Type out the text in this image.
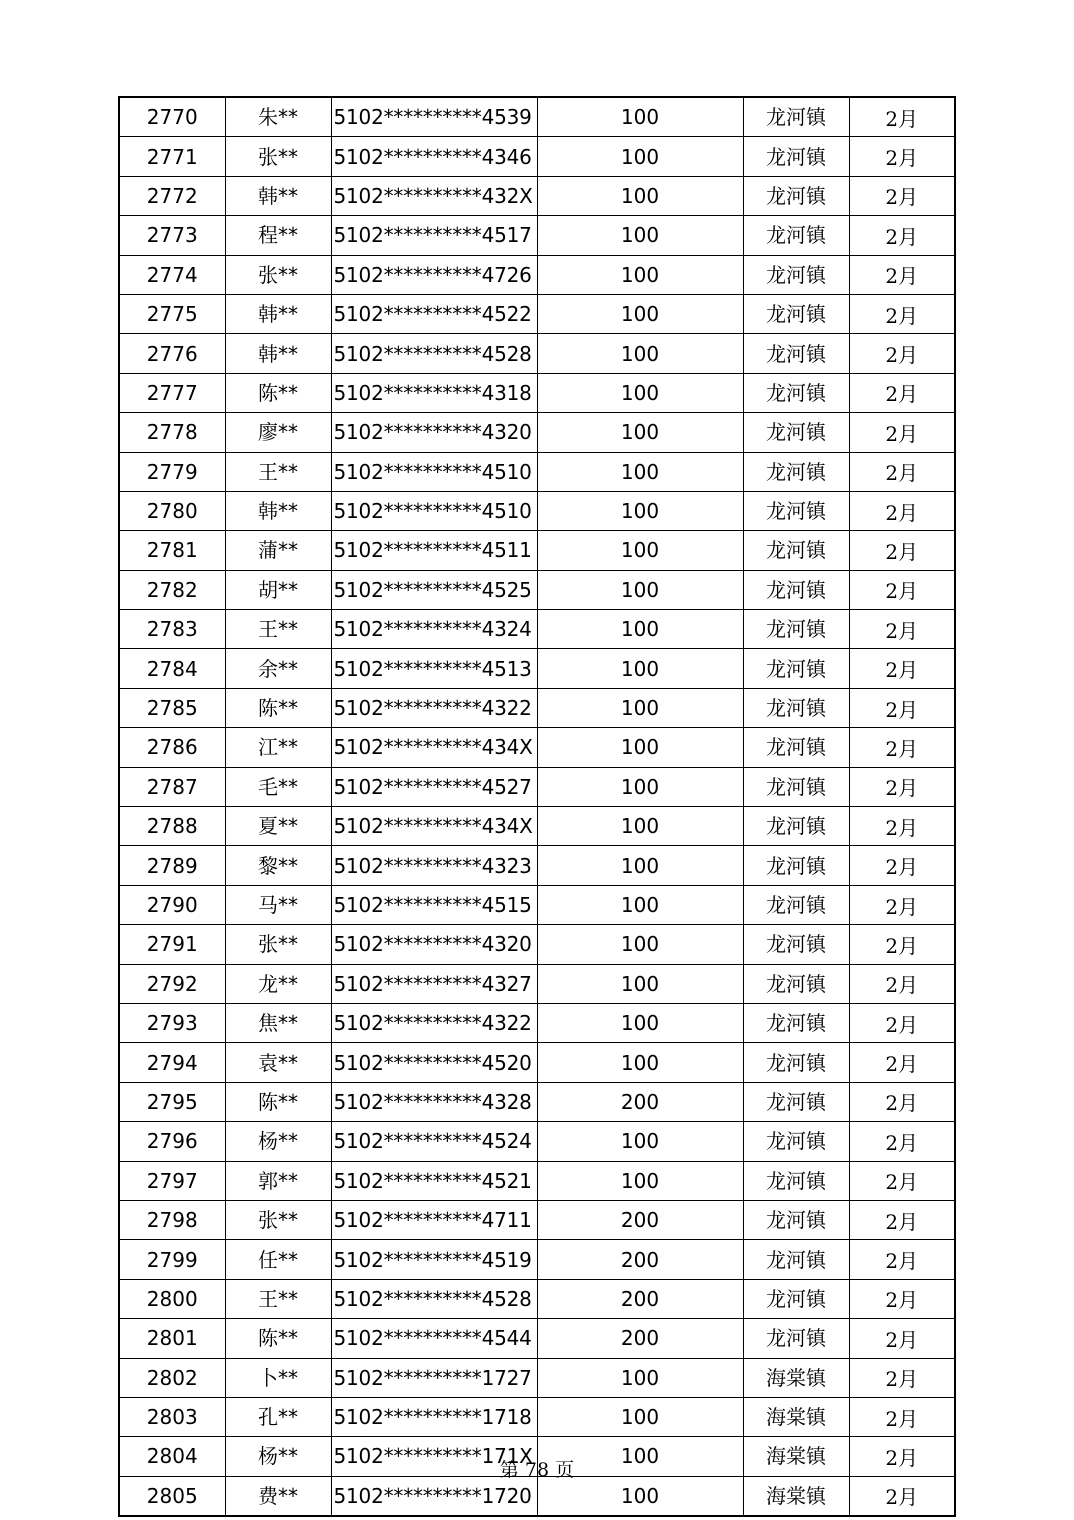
2770	朱**	5102**********4539	100	龙河镇	2月
2771	张**	5102**********4346	100	龙河镇	2月
2772	韩**	5102**********432X	100	龙河镇	2月
2773	程**	5102**********4517	100	龙河镇	2月
2774	张**	5102**********4726	100	龙河镇	2月
2775	韩**	5102**********4522	100	龙河镇	2月
2776	韩**	5102**********4528	100	龙河镇	2月
2777	陈**	5102**********4318	100	龙河镇	2月
2778	廖**	5102**********4320	100	龙河镇	2月
2779	王**	5102**********4510	100	龙河镇	2月
2780	韩**	5102**********4510	100	龙河镇	2月
2781	蒲**	5102**********4511	100	龙河镇	2月
2782	胡**	5102**********4525	100	龙河镇	2月
2783	王**	5102**********4324	100	龙河镇	2月
2784	余**	5102**********4513	100	龙河镇	2月
2785	陈**	5102**********4322	100	龙河镇	2月
2786	江**	5102**********434X	100	龙河镇	2月
2787	毛**	5102**********4527	100	龙河镇	2月
2788	夏**	5102**********434X	100	龙河镇	2月
2789	黎**	5102**********4323	100	龙河镇	2月
2790	马**	5102**********4515	100	龙河镇	2月
2791	张**	5102**********4320	100	龙河镇	2月
2792	龙**	5102**********4327	100	龙河镇	2月
2793	焦**	5102**********4322	100	龙河镇	2月
2794	袁**	5102**********4520	100	龙河镇	2月
2795	陈**	5102**********4328	200	龙河镇	2月
2796	杨**	5102**********4524	100	龙河镇	2月
2797	郭**	5102**********4521	100	龙河镇	2月
2798	张**	5102**********4711	200	龙河镇	2月
2799	任**	5102**********4519	200	龙河镇	2月
2800	王**	5102**********4528	200	龙河镇	2月
2801	陈**	5102**********4544	200	龙河镇	2月
2802	卜**	5102**********1727	100	海棠镇	2月
2803	孔**	5102**********1718	100	海棠镇	2月
2804	杨**	5102**********171X	100	海棠镇	2月
2805	费**	5102**********1720	100	海棠镇	2月
第 78 页
